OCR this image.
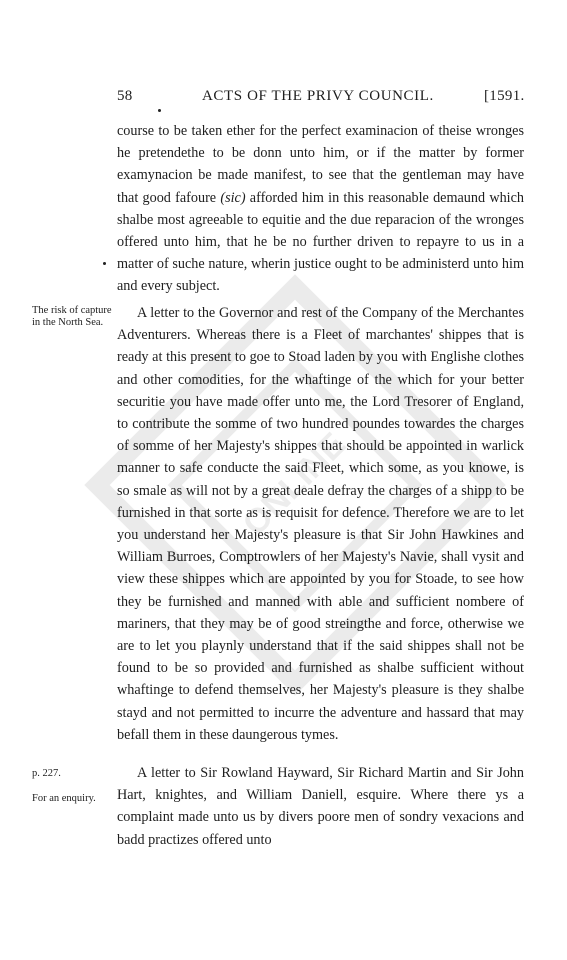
58	ACTS OF THE PRIVY COUNCIL.	[1591.
ONLINE

course to be taken ether for the perfect examinacion of theise wronges he pretendethe to be donn unto him, or if the matter by former examynacion be made manifest, to see that the gentleman may have that good fafoure (sic) afforded him in this reasonable demaund which shalbe most agreeable to equitie and the due reparacion of the wronges offered unto him, that he be no further driven to repayre to us in a matter of suche nature, wherin justice ought to be administerd unto him and every subject.

A letter to the Governor and rest of the Company of the Merchantes Adventurers. Whereas there is a Fleet of marchantes' shippes that is ready at this present to goe to Stoad laden by you with Englishe clothes and other comodities, for the whaftinge of the which for your better securitie you have made offer unto me, the Lord Tresorer of England, to contribute the somme of two hundred poundes towardes the charges of somme of her Majesty's shippes that should be appointed in warlick manner to safe conducte the said Fleet, which some, as you knowe, is so smale as will not by a great deale defray the charges of a shipp to be furnished in that sorte as is requisit for defence. Therefore we are to let you understand her Majesty's pleasure is that Sir John Hawkines and William Burroes, Comptrowlers of her Majesty's Navie, shall vysit and view these shippes which are appointed by you for Stoade, to see how they be furnished and manned with able and sufficient nombere of mariners, that they may be of good streingthe and force, otherwise we are to let you playnly understand that if the said shippes shall not be found to be so provided and furnished as shalbe sufficient without whaftinge to defend themselves, her Majesty's pleasure is they shalbe stayd and not permitted to incurre the adventure and hassard that may befall them in these daungerous tymes.

A letter to Sir Rowland Hayward, Sir Richard Martin and Sir John Hart, knightes, and William Daniell, esquire. Where there ys a complaint made unto us by divers poore men of sondry vexacions and badd practizes offered unto

The risk of capture in the North Sea.

p. 227.

For an enquiry.
